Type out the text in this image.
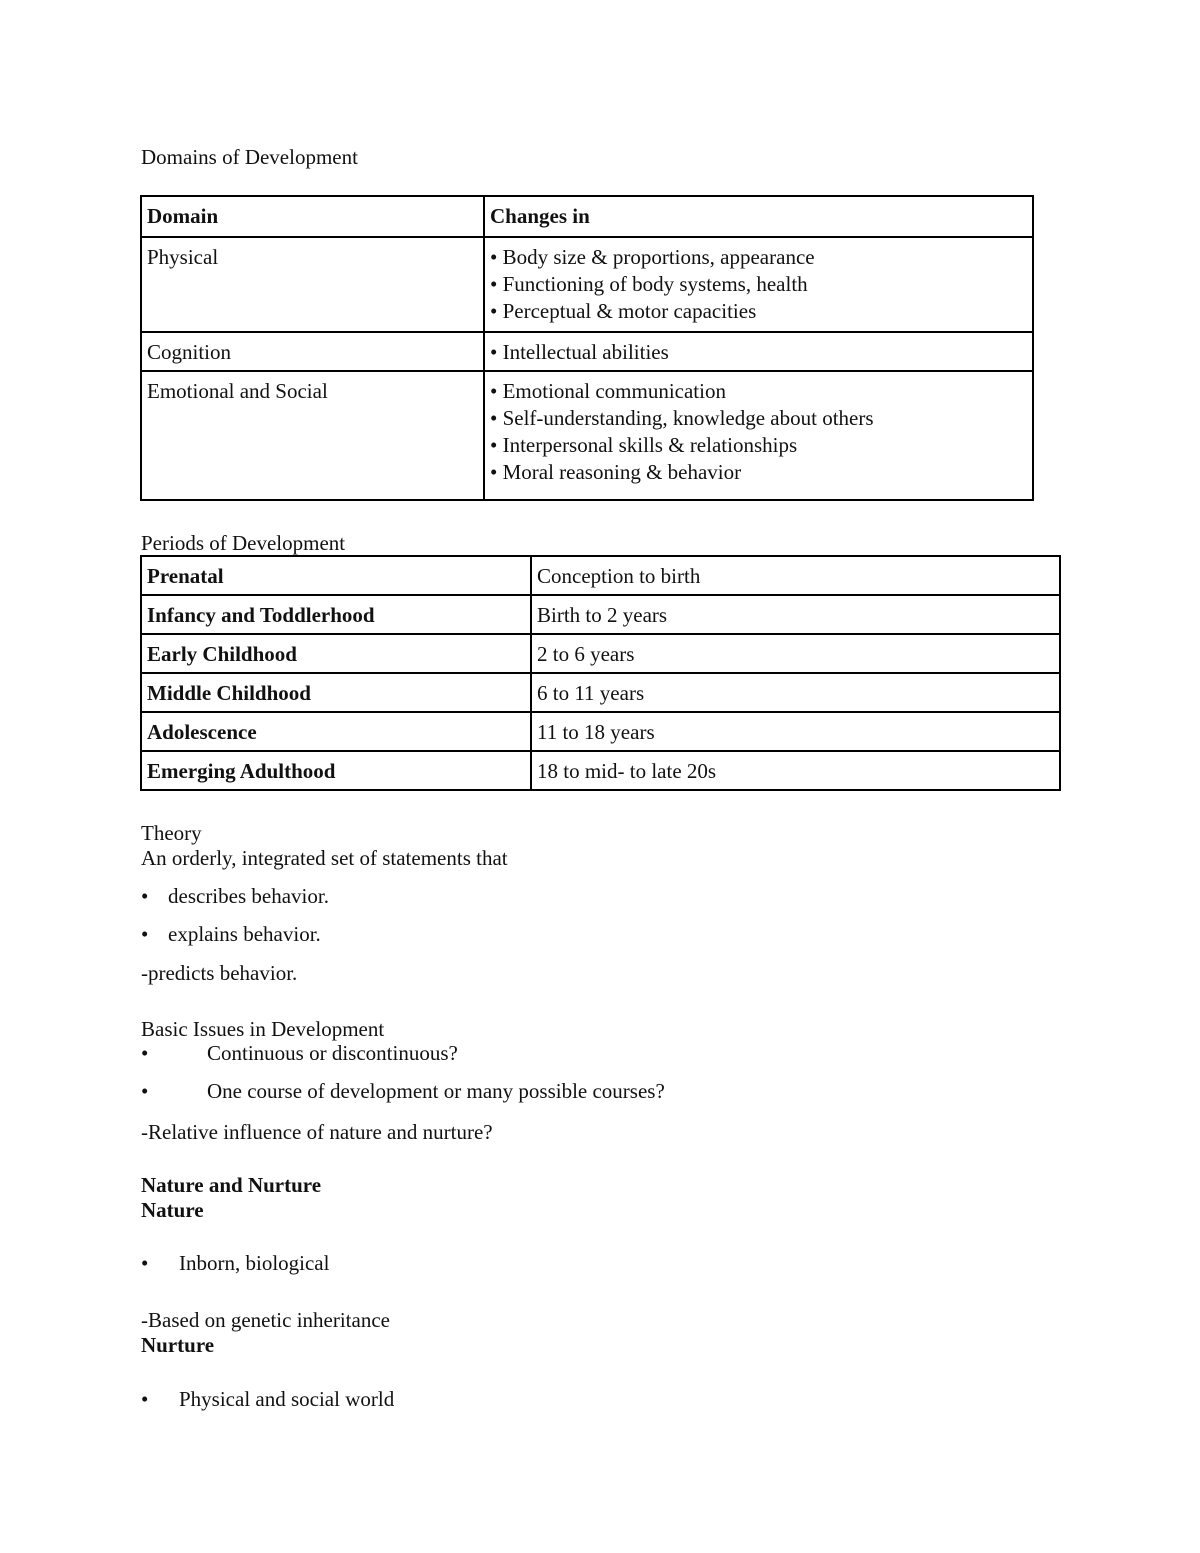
Domains of Development
Domain	Changes in
Physical	• Body size & proportions, appearance
• Functioning of body systems, health
• Perceptual & motor capacities

Cognition	• Intellectual abilities

Emotional and Social	• Emotional communication
• Self-understanding, knowledge about others
• Interpersonal skills & relationships
• Moral reasoning & behavior
Periods of Development
Prenatal	Conception to birth
Infancy and Toddlerhood	Birth to 2 years
Early Childhood	2 to 6 years
Middle Childhood	6 to 11 years
Adolescence	11 to 18 years
Emerging Adulthood	18 to mid- to late 20s
Theory
An orderly, integrated set of statements that
• describes behavior.
• explains behavior.
-predicts behavior.
Basic Issues in Development
•	Continuous or discontinuous?
•	One course of development or many possible courses?
-Relative influence of nature and nurture?
Nature and Nurture
Nature
• Inborn, biological
-Based on genetic inheritance
Nurture
• Physical and social world
